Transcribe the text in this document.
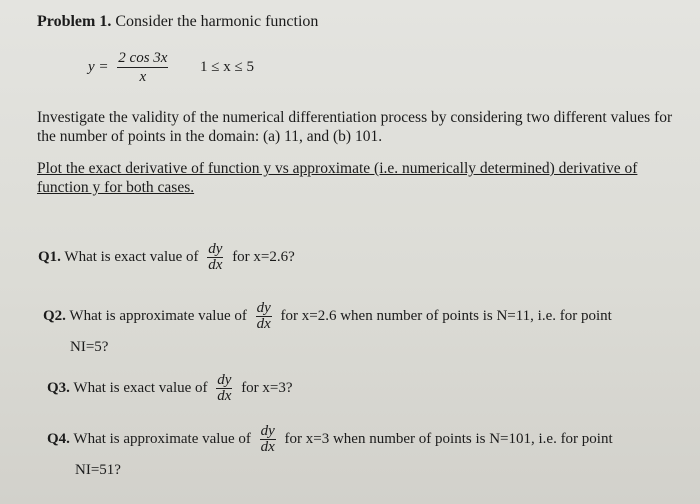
Problem 1. Consider the harmonic function
$y = \frac{2 \cos 3x}{x} 1 \le x \le 5$
Investigate the validity of the numerical differentiation process by considering two different values for the number of points in the domain: (a) 11, and (b) 101.
Plot the exact derivative of function y vs approximate (i.e. numerically determined) derivative of function y for both cases.
Q1. What is exact value of $\frac{dy}{dx}$ for x=2.6?
Q2. What is approximate value of $\frac{dy}{dx}$ for x=2.6 when number of points is N=11, i.e. for point
NI=5?
Q3. What is exact value of $\frac{dy}{dx}$ for x=3?
Q4. What is approximate value of $\frac{dy}{dx}$ for x=3 when number of points is N=101, i.e. for point
NI=51?
